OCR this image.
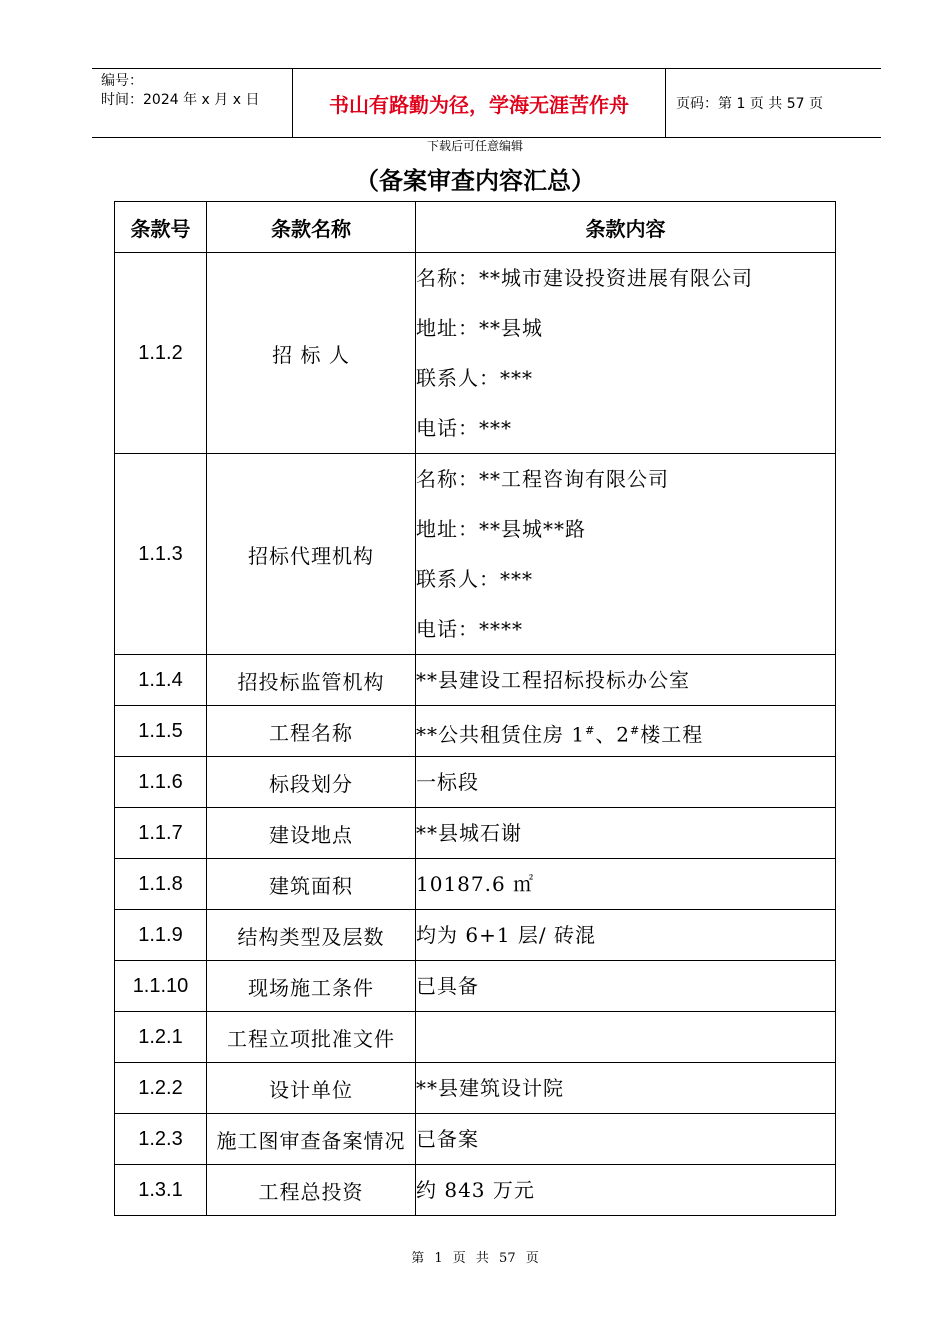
编号：
时间：2024 年 x 月 x 日	书山有路勤为径，学海无涯苦作舟	页码：第 1 页 共 57 页
下载后可任意编辑
（备案审查内容汇总）
条款号	条款名称	条款内容
1.1.2	招 标 人	名称：**城市建设投资进展有限公司
地址：**县城
联系人：***
电话：***

1.1.3	招标代理机构	名称：**工程咨询有限公司
地址：**县城**路
联系人：***
电话：****

1.1.4	招投标监管机构	**县建设工程招标投标办公室

1.1.5	工程名称	**公共租赁住房 1#、2#楼工程

1.1.6	标段划分	一标段

1.1.7	建设地点	**县城石谢

1.1.8	建筑面积	10187.6 ㎡

1.1.9	结构类型及层数	均为 6+1 层/ 砖混

1.1.10	现场施工条件	已具备

1.2.1	工程立项批准文件	

1.2.2	设计单位	**县建筑设计院

1.2.3	施工图审查备案情况	已备案

1.3.1	工程总投资	约 843 万元
第 1 页 共 57 页
